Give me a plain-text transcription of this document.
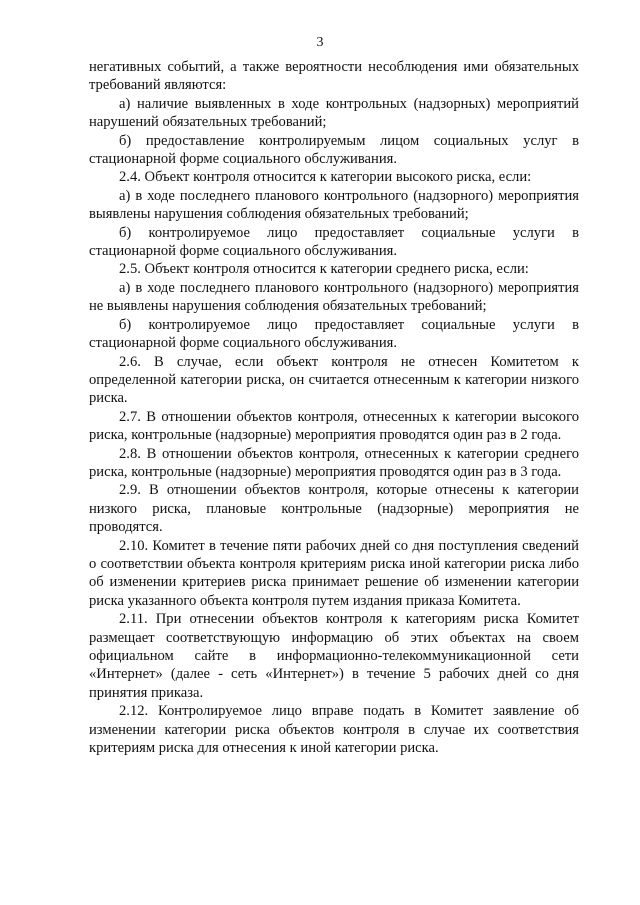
3

негативных событий, а также вероятности несоблюдения ими обязательных требований являются:

а) наличие выявленных в ходе контрольных (надзорных) мероприятий нарушений обязательных требований;

б) предоставление контролируемым лицом социальных услуг в стационарной форме социального обслуживания.

2.4. Объект контроля относится к категории высокого риска, если:

а) в ходе последнего планового контрольного (надзорного) мероприятия выявлены нарушения соблюдения обязательных требований;

б) контролируемое лицо предоставляет социальные услуги в стационарной форме социального обслуживания.

2.5. Объект контроля относится к категории среднего риска, если:

а) в ходе последнего планового контрольного (надзорного) мероприятия не выявлены нарушения соблюдения обязательных требований;

б) контролируемое лицо предоставляет социальные услуги в стационарной форме социального обслуживания.

2.6. В случае, если объект контроля не отнесен Комитетом к определенной категории риска, он считается отнесенным к категории низкого риска.

2.7. В отношении объектов контроля, отнесенных к категории высокого риска, контрольные (надзорные) мероприятия проводятся один раз в 2 года.

2.8. В отношении объектов контроля, отнесенных к категории среднего риска, контрольные (надзорные) мероприятия проводятся один раз в 3 года.

2.9. В отношении объектов контроля, которые отнесены к категории низкого риска, плановые контрольные (надзорные) мероприятия не проводятся.

2.10. Комитет в течение пяти рабочих дней со дня поступления сведений о соответствии объекта контроля критериям риска иной категории риска либо об изменении критериев риска принимает решение об изменении категории риска указанного объекта контроля путем издания приказа Комитета.

2.11. При отнесении объектов контроля к категориям риска Комитет размещает соответствующую информацию об этих объектах на своем официальном сайте в информационно-телекоммуникационной сети «Интернет» (далее - сеть «Интернет») в течение 5 рабочих дней со дня принятия приказа.

2.12. Контролируемое лицо вправе подать в Комитет заявление об изменении категории риска объектов контроля в случае их соответствия критериям риска для отнесения к иной категории риска.
